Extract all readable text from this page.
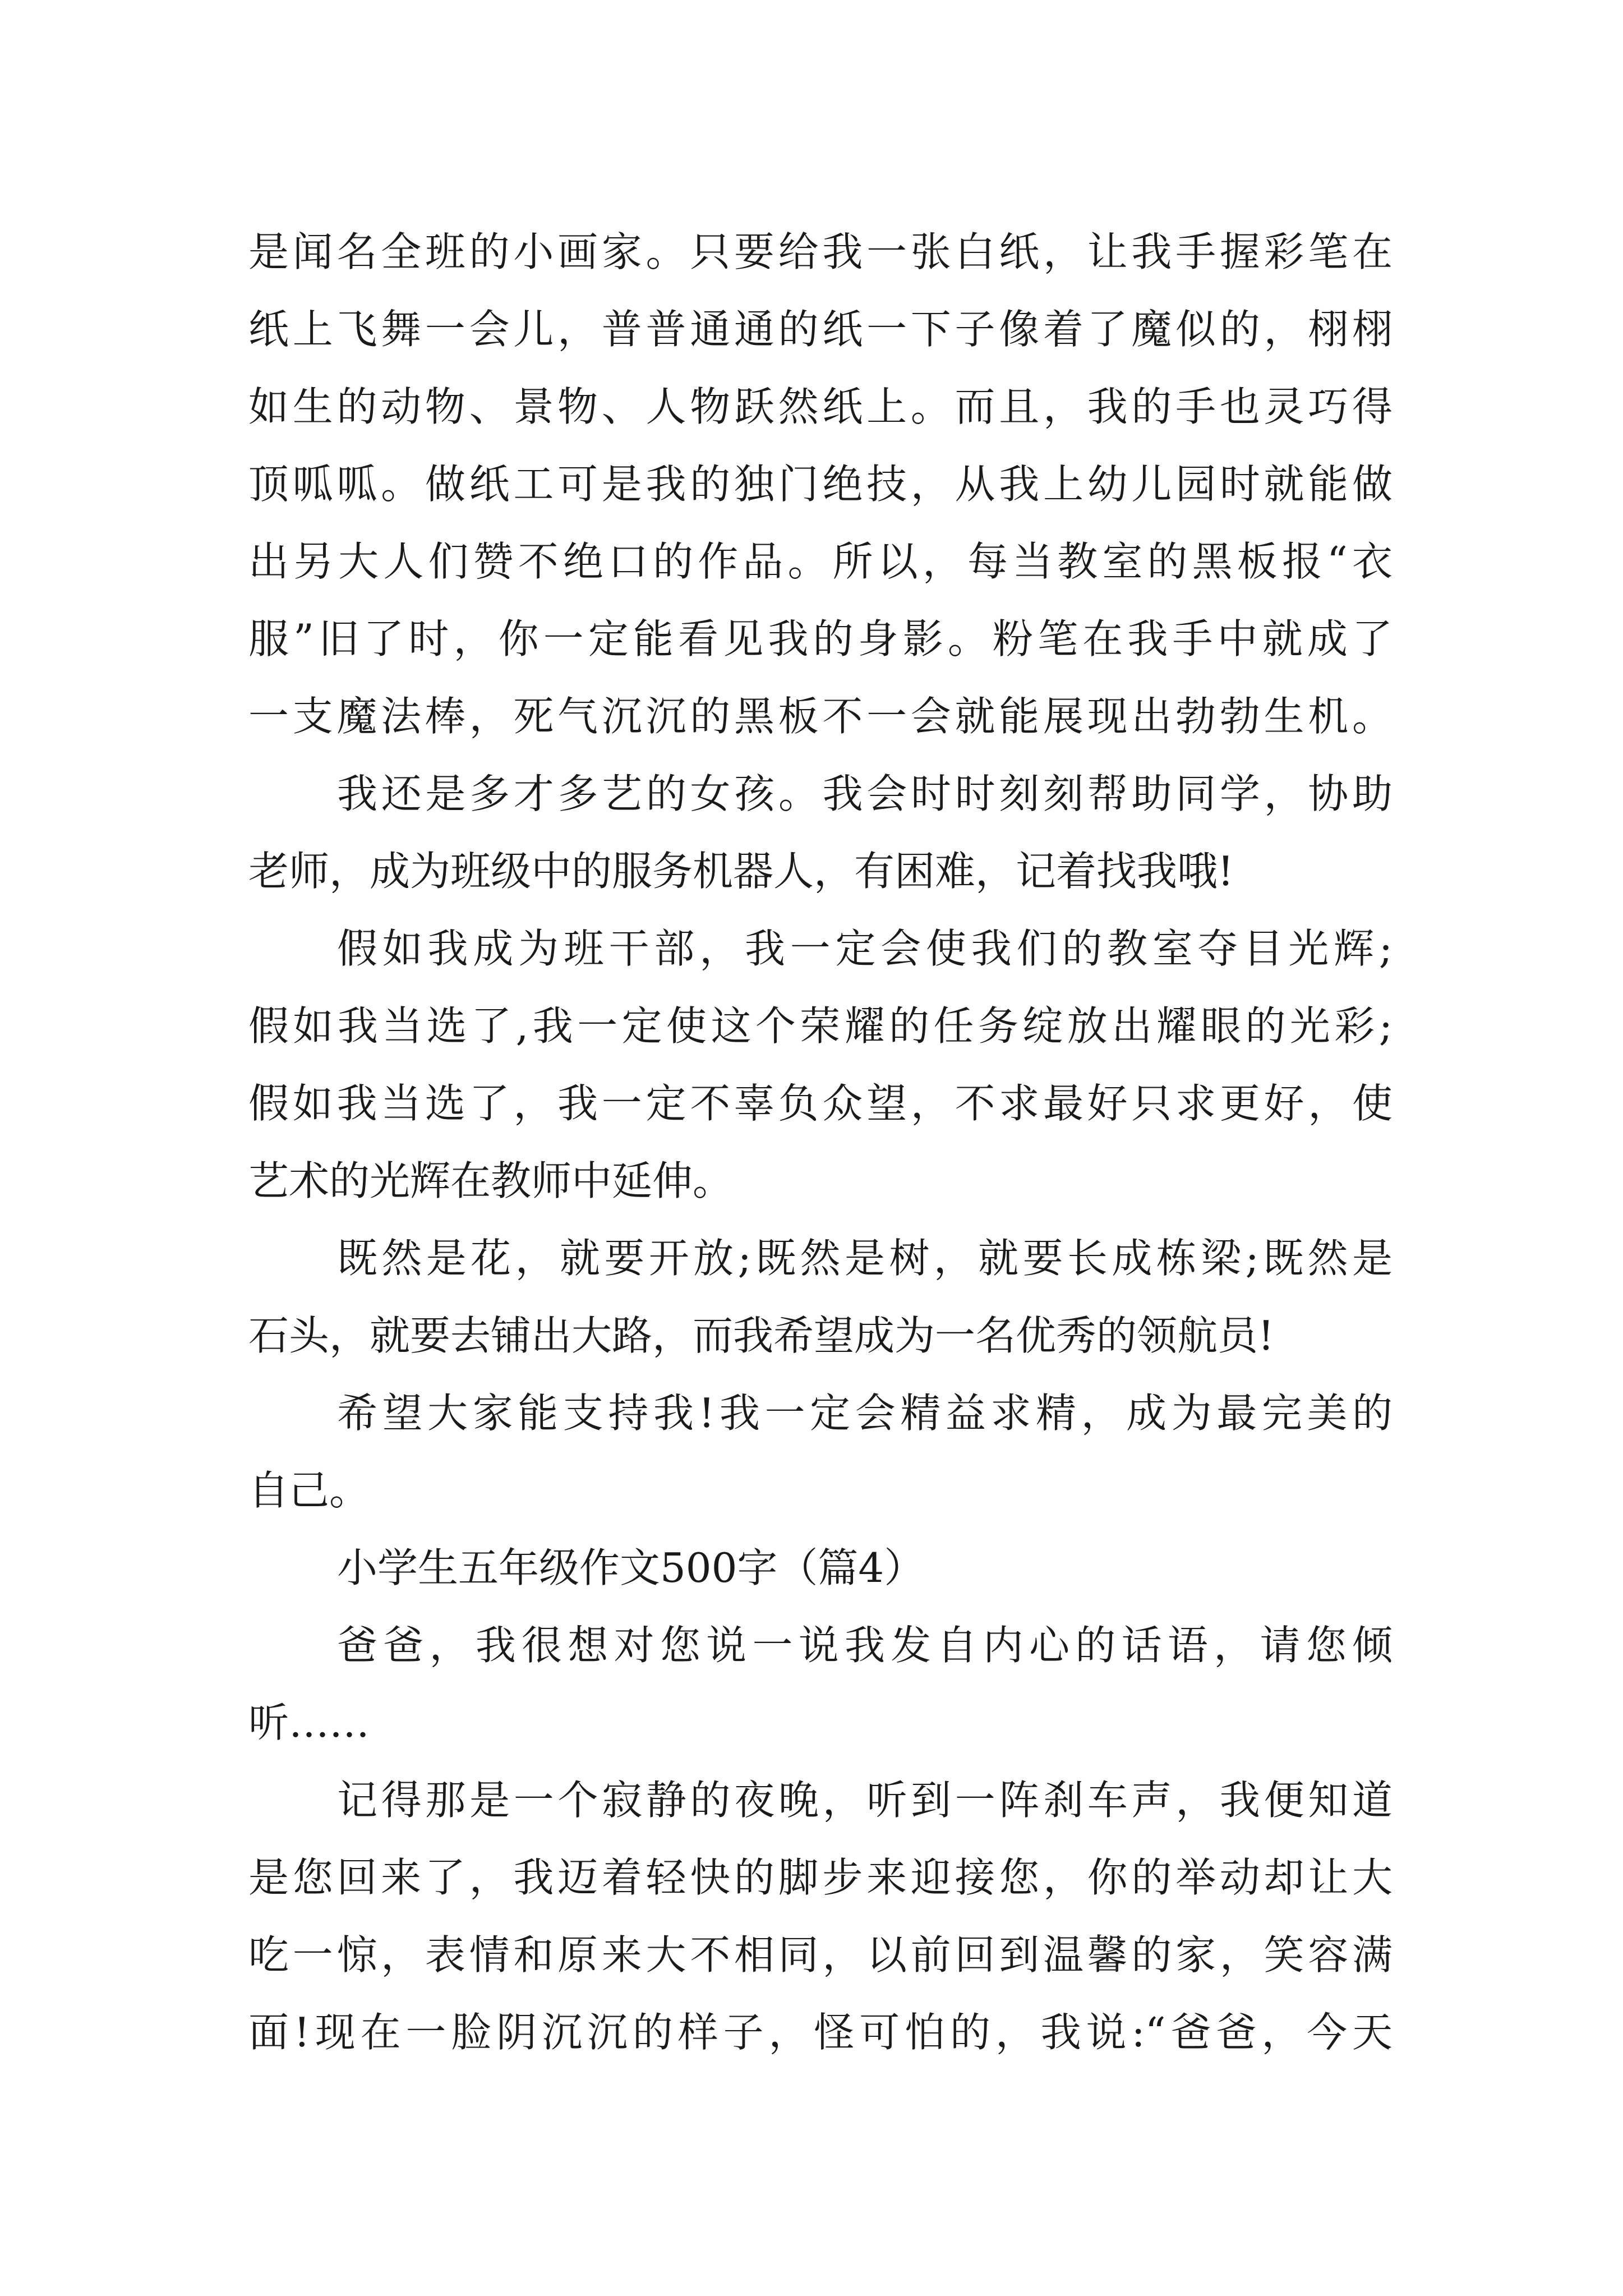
是闻名全班的小画家。只要给我一张白纸，让我手握彩笔在
纸上飞舞一会儿，普普通通的纸一下子像着了魔似的，栩栩
如生的动物、景物、人物跃然纸上。而且，我的手也灵巧得
顶呱呱。做纸工可是我的独门绝技，从我上幼儿园时就能做
出另大人们赞不绝口的作品。所以，每当教室的黑板报“衣
服”旧了时，你一定能看见我的身影。粉笔在我手中就成了
一支魔法棒，死气沉沉的黑板不一会就能展现出勃勃生机。
我还是多才多艺的女孩。我会时时刻刻帮助同学，协助
老师，成为班级中的服务机器人，有困难，记着找我哦!
假如我成为班干部，我一定会使我们的教室夺目光辉;
假如我当选了,我一定使这个荣耀的任务绽放出耀眼的光彩;
假如我当选了，我一定不辜负众望，不求最好只求更好，使
艺术的光辉在教师中延伸。
既然是花，就要开放;既然是树，就要长成栋梁;既然是
石头，就要去铺出大路，而我希望成为一名优秀的领航员!
希望大家能支持我!我一定会精益求精，成为最完美的
自己。
小学生五年级作文500字（篇4）
爸爸，我很想对您说一说我发自内心的话语，请您倾
听……
记得那是一个寂静的夜晚，听到一阵刹车声，我便知道
是您回来了，我迈着轻快的脚步来迎接您，你的举动却让大
吃一惊，表情和原来大不相同，以前回到温馨的家，笑容满
面!现在一脸阴沉沉的样子，怪可怕的，我说:“爸爸，今天
